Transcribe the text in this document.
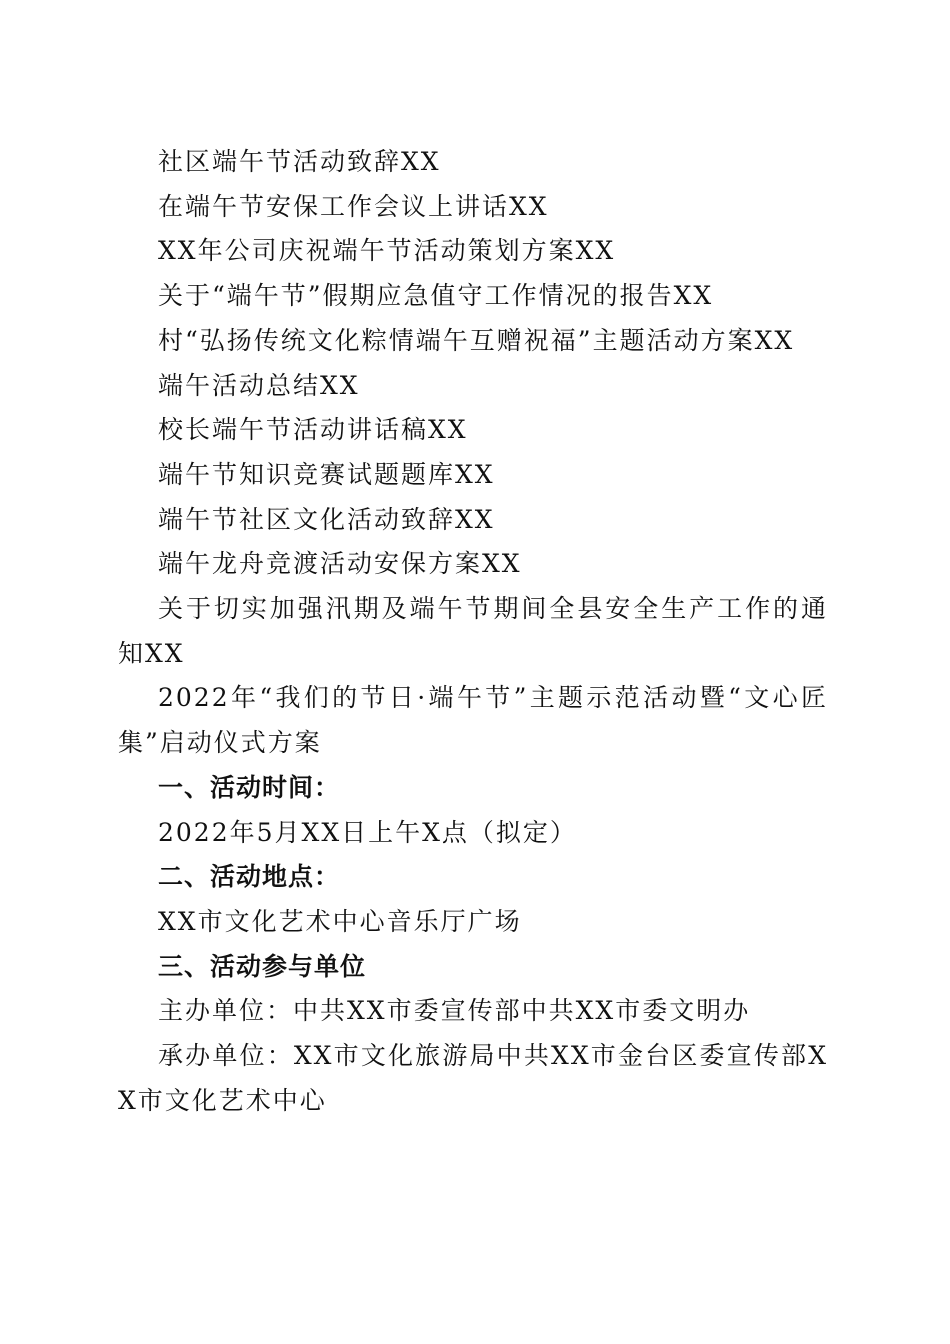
社区端午节活动致辞XX

在端午节安保工作会议上讲话XX

XX年公司庆祝端午节活动策划方案XX

关于“端午节”假期应急值守工作情况的报告XX

村“弘扬传统文化粽情端午互赠祝福”主题活动方案XX

端午活动总结XX

校长端午节活动讲话稿XX

端午节知识竞赛试题题库XX

端午节社区文化活动致辞XX

端午龙舟竞渡活动安保方案XX

关于切实加强汛期及端午节期间全县安全生产工作的通知XX

2022年“我们的节日·端午节”主题示范活动暨“文心匠集”启动仪式方案

一、活动时间：

2022年5月XX日上午X点（拟定）

二、活动地点：

XX市文化艺术中心音乐厅广场

三、活动参与单位

主办单位：中共XX市委宣传部中共XX市委文明办

承办单位：XX市文化旅游局中共XX市金台区委宣传部XX市文化艺术中心
